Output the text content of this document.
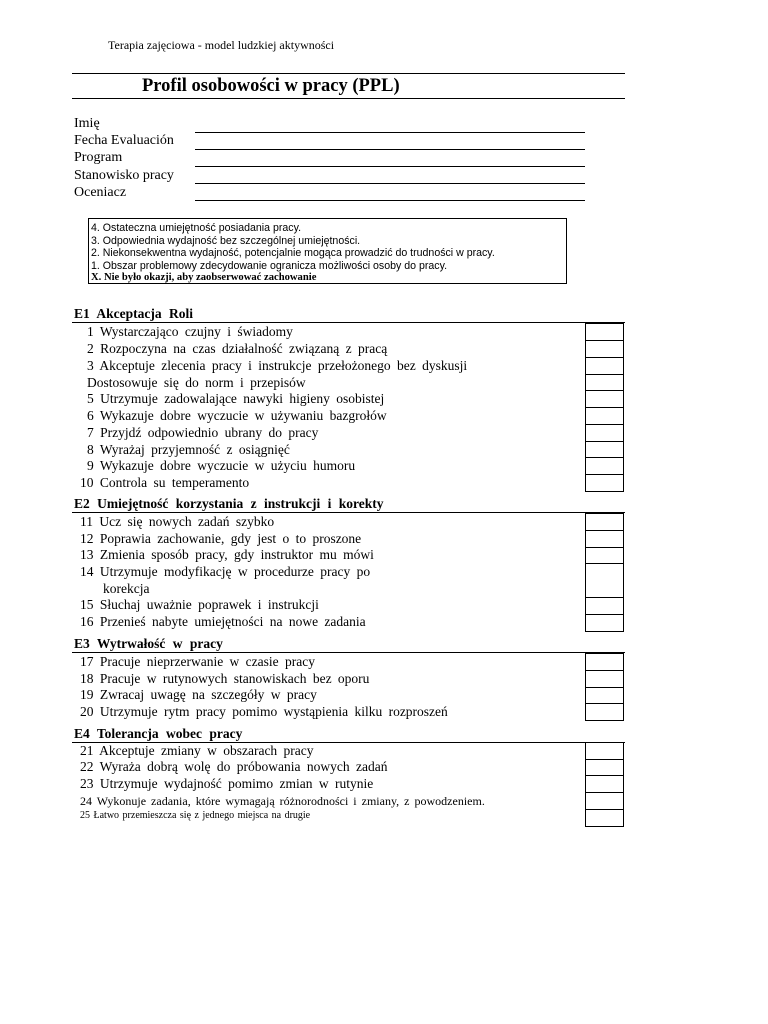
Terapia zajęciowa - model ludzkiej aktywności
Profil osobowości w pracy (PPL)
Imię
Fecha Evaluación
Program
Stanowisko pracy
Oceniacz
4. Ostateczna umiejętność posiadania pracy.
3. Odpowiednia wydajność bez szczególnej umiejętności.
2. Niekonsekwentna wydajność, potencjalnie mogąca prowadzić do trudności w pracy.
1. Obszar problemowy zdecydowanie ogranicza możliwości osoby do pracy.
X. Nie było okazji, aby zaobserwować zachowanie
E1 Akceptacja Roli
1 Wystarczająco czujny i świadomy
2 Rozpoczyna na czas działalność związaną z pracą
3 Akceptuje zlecenia pracy i instrukcje przełożonego bez dyskusji
Dostosowuje się do norm i przepisów
5 Utrzymuje zadowalające nawyki higieny osobistej
6 Wykazuje dobre wyczucie w używaniu bazgrołów
7 Przyjdź odpowiednio ubrany do pracy
8 Wyrażaj przyjemność z osiągnięć
9 Wykazuje dobre wyczucie w użyciu humoru
10 Controla su temperamento
E2 Umiejętność korzystania z instrukcji i korekty
11 Ucz się nowych zadań szybko
12 Poprawia zachowanie, gdy jest o to proszone
13 Zmienia sposób pracy, gdy instruktor mu mówi
14 Utrzymuje modyfikację w procedurze pracy po
korekcja
15 Słuchaj uważnie poprawek i instrukcji
16 Przenieś nabyte umiejętności na nowe zadania
E3 Wytrwałość w pracy
17 Pracuje nieprzerwanie w czasie pracy
18 Pracuje w rutynowych stanowiskach bez oporu
19 Zwracaj uwagę na szczegóły w pracy
20 Utrzymuje rytm pracy pomimo wystąpienia kilku rozproszeń
E4 Tolerancja wobec pracy
21 Akceptuje zmiany w obszarach pracy
22 Wyraża dobrą wolę do próbowania nowych zadań
23 Utrzymuje wydajność pomimo zmian w rutynie
24 Wykonuje zadania, które wymagają różnorodności i zmiany, z powodzeniem.
25 Łatwo przemieszcza się z jednego miejsca na drugie
